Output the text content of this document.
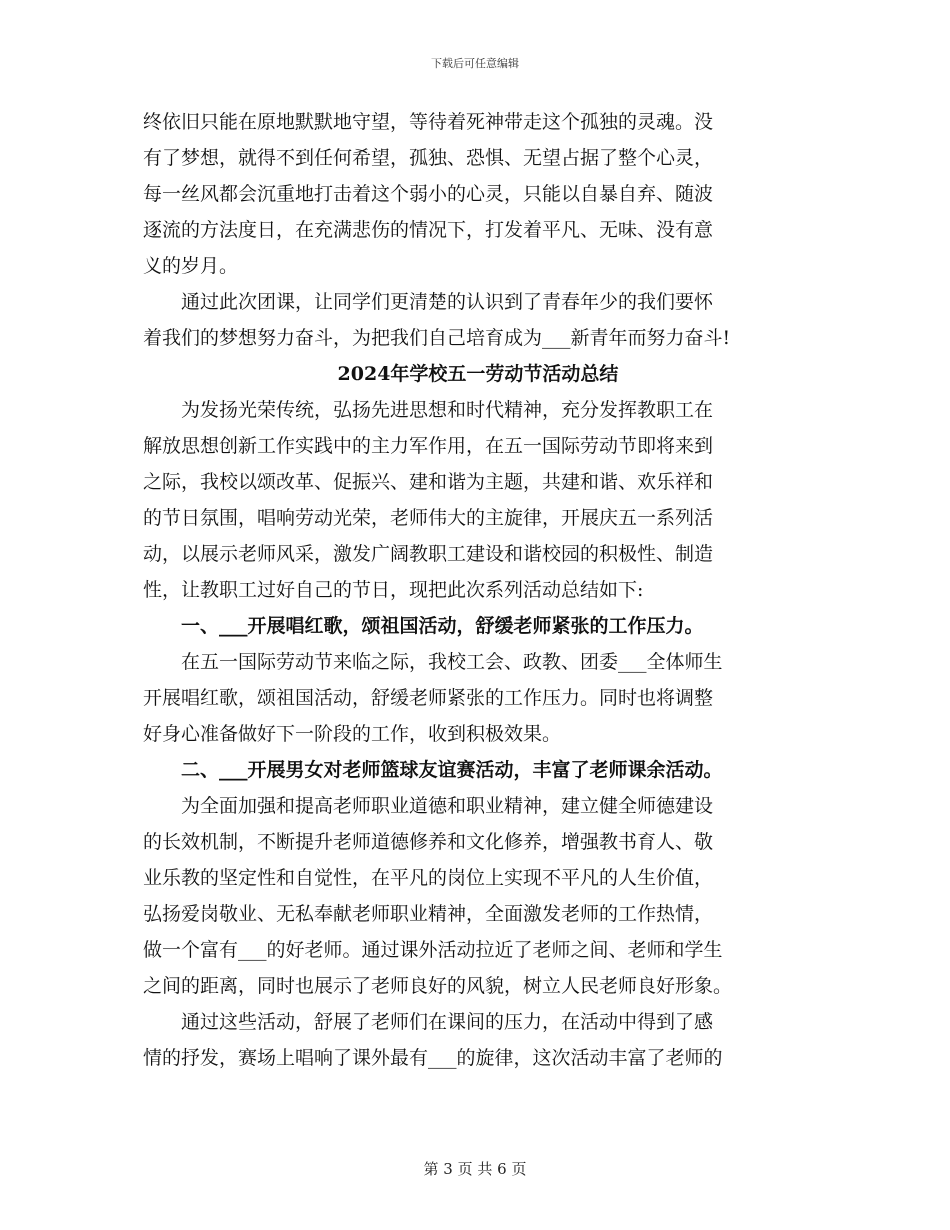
下载后可任意编辑
终依旧只能在原地默默地守望，等待着死神带走这个孤独的灵魂。没
有了梦想，就得不到任何希望，孤独、恐惧、无望占据了整个心灵，
每一丝风都会沉重地打击着这个弱小的心灵，只能以自暴自弃、随波
逐流的方法度日，在充满悲伤的情况下，打发着平凡、无味、没有意
义的岁月。
　　通过此次团课，让同学们更清楚的认识到了青春年少的我们要怀
着我们的梦想努力奋斗，为把我们自己培育成为___新青年而努力奋斗!
2024年学校五一劳动节活动总结
　　为发扬光荣传统，弘扬先进思想和时代精神，充分发挥教职工在
解放思想创新工作实践中的主力军作用，在五一国际劳动节即将来到
之际，我校以颂改革、促振兴、建和谐为主题，共建和谐、欢乐祥和
的节日氛围，唱响劳动光荣，老师伟大的主旋律，开展庆五一系列活
动，以展示老师风采，激发广阔教职工建设和谐校园的积极性、制造
性，让教职工过好自己的节日，现把此次系列活动总结如下:
　　一、___开展唱红歌，颂祖国活动，舒缓老师紧张的工作压力。
　　在五一国际劳动节来临之际，我校工会、政教、团委___全体师生
开展唱红歌，颂祖国活动，舒缓老师紧张的工作压力。同时也将调整
好身心准备做好下一阶段的工作，收到积极效果。
　　二、___开展男女对老师篮球友谊赛活动，丰富了老师课余活动。
　　为全面加强和提高老师职业道德和职业精神，建立健全师德建设
的长效机制，不断提升老师道德修养和文化修养，增强教书育人、敬
业乐教的坚定性和自觉性，在平凡的岗位上实现不平凡的人生价值，
弘扬爱岗敬业、无私奉献老师职业精神，全面激发老师的工作热情，
做一个富有___的好老师。通过课外活动拉近了老师之间、老师和学生
之间的距离，同时也展示了老师良好的风貌，树立人民老师良好形象。
　　通过这些活动，舒展了老师们在课间的压力，在活动中得到了感
情的抒发，赛场上唱响了课外最有___的旋律，这次活动丰富了老师的
第 3 页 共 6 页
